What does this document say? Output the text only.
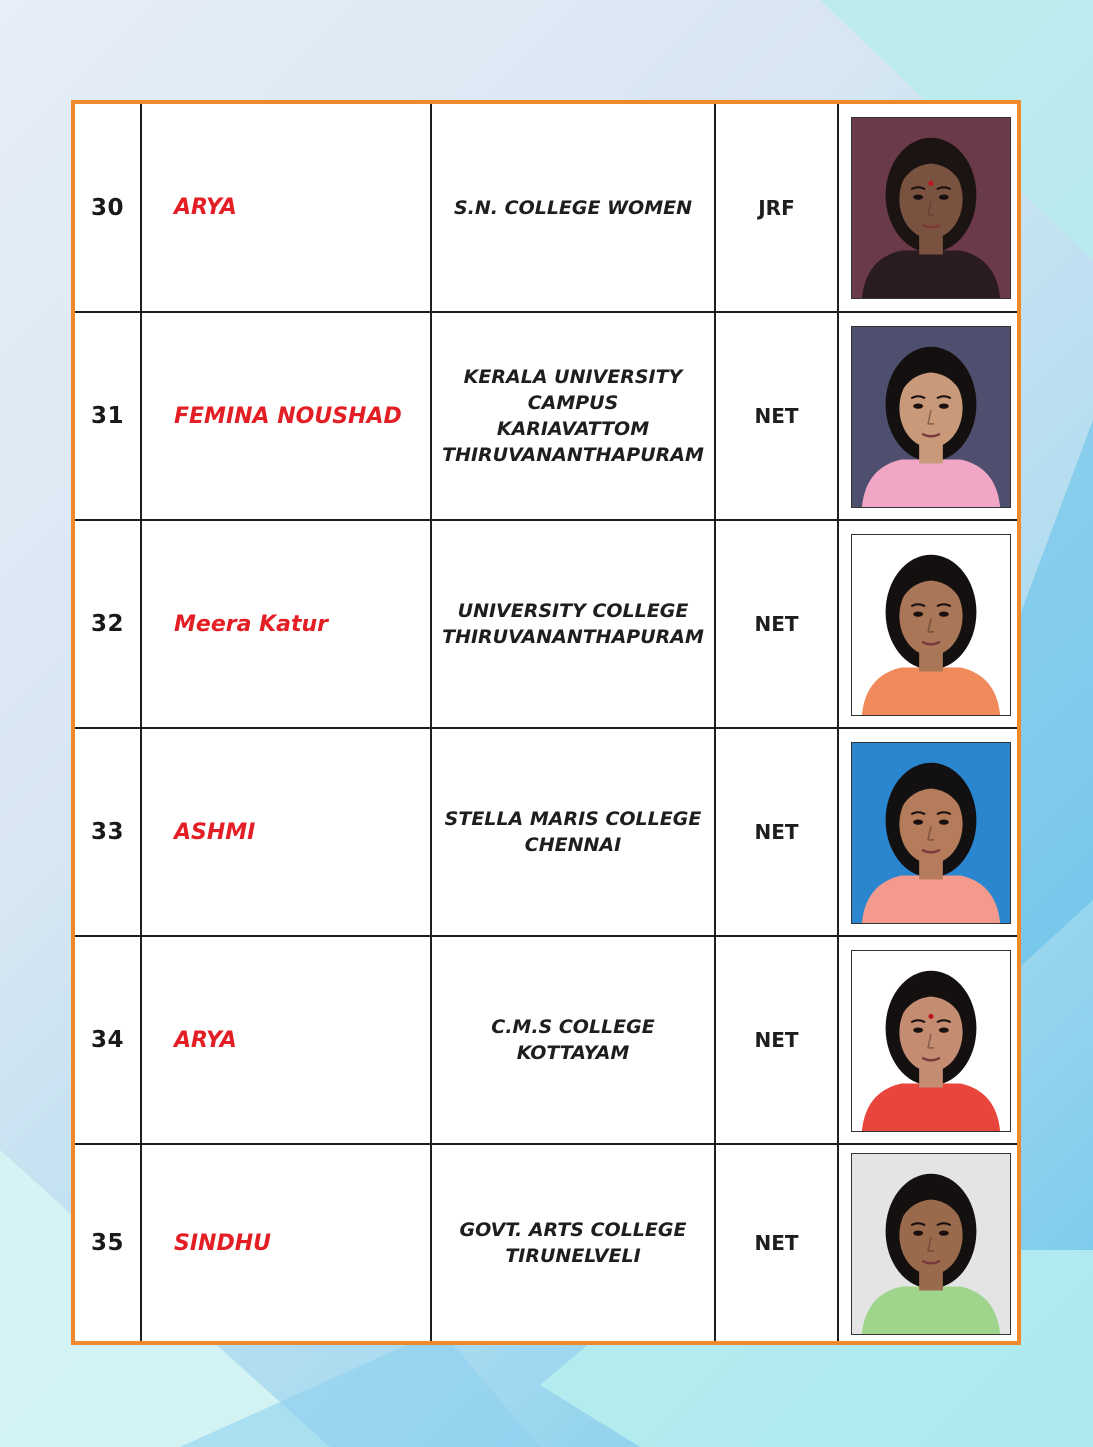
30	ARYA	S.N. COLLEGE WOMEN	JRF	

31	FEMINA NOUSHAD	KERALA UNIVERSITY
CAMPUS
KARIAVATTOM
THIRUVANANTHAPURAM	NET	

32	Meera Katur	UNIVERSITY COLLEGE
THIRUVANANTHAPURAM	NET	

33	ASHMI	STELLA MARIS COLLEGE
CHENNAI	NET	

34	ARYA	C.M.S COLLEGE
KOTTAYAM	NET	

35	SINDHU	GOVT. ARTS COLLEGE
TIRUNELVELI	NET	
